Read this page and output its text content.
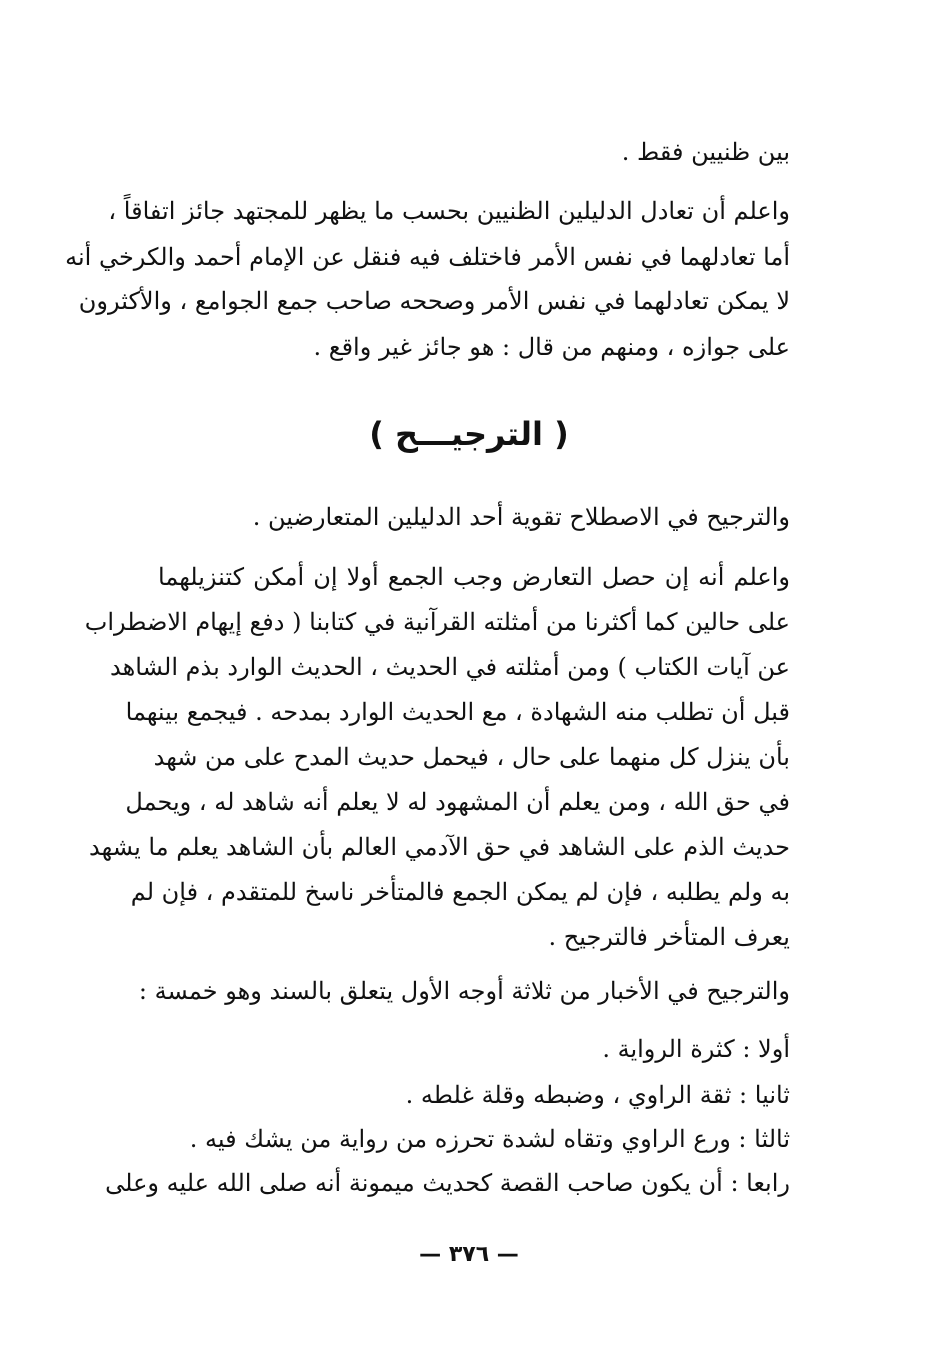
بين ظنيين فقط .
واعلم أن تعادل الدليلين الظنيين بحسب ما يظهر للمجتهد جائز اتفاقاً ،
أما تعادلهما في نفس الأمر فاختلف فيه فنقل عن الإمام أحمد والكرخي أنه
لا يمكن تعادلهما في نفس الأمر وصححه صاحب جمع الجوامع ، والأكثرون
على جوازه ، ومنهم من قال : هو جائز غير واقع .
( الترجيـــح )
والترجيح في الاصطلاح تقوية أحد الدليلين المتعارضين .
واعلم أنه إن حصل التعارض وجب الجمع أولا إن أمكن كتنزيلهما
على حالين كما أكثرنا من أمثلته القرآنية في كتابنا ( دفع إيهام الاضطراب
عن آيات الكتاب ) ومن أمثلته في الحديث ، الحديث الوارد بذم الشاهد
قبل أن تطلب منه الشهادة ، مع الحديث الوارد بمدحه . فيجمع بينهما
بأن ينزل كل منهما على حال ، فيحمل حديث المدح على من شهد
في حق الله ، ومن يعلم أن المشهود له لا يعلم أنه شاهد له ، ويحمل
حديث الذم على الشاهد في حق الآدمي العالم بأن الشاهد يعلم ما يشهد
به ولم يطلبه ، فإن لم يمكن الجمع فالمتأخر ناسخ للمتقدم ، فإن لم
يعرف المتأخر فالترجيح .
والترجيح في الأخبار من ثلاثة أوجه الأول يتعلق بالسند وهو خمسة :
أولا : كثرة الرواية .
ثانيا : ثقة الراوي ، وضبطه وقلة غلطه .
ثالثا : ورع الراوي وتقاه لشدة تحرزه من رواية من يشك فيه .
رابعا : أن يكون صاحب القصة كحديث ميمونة أنه صلى الله عليه وعلى
— ٣٧٦ —
